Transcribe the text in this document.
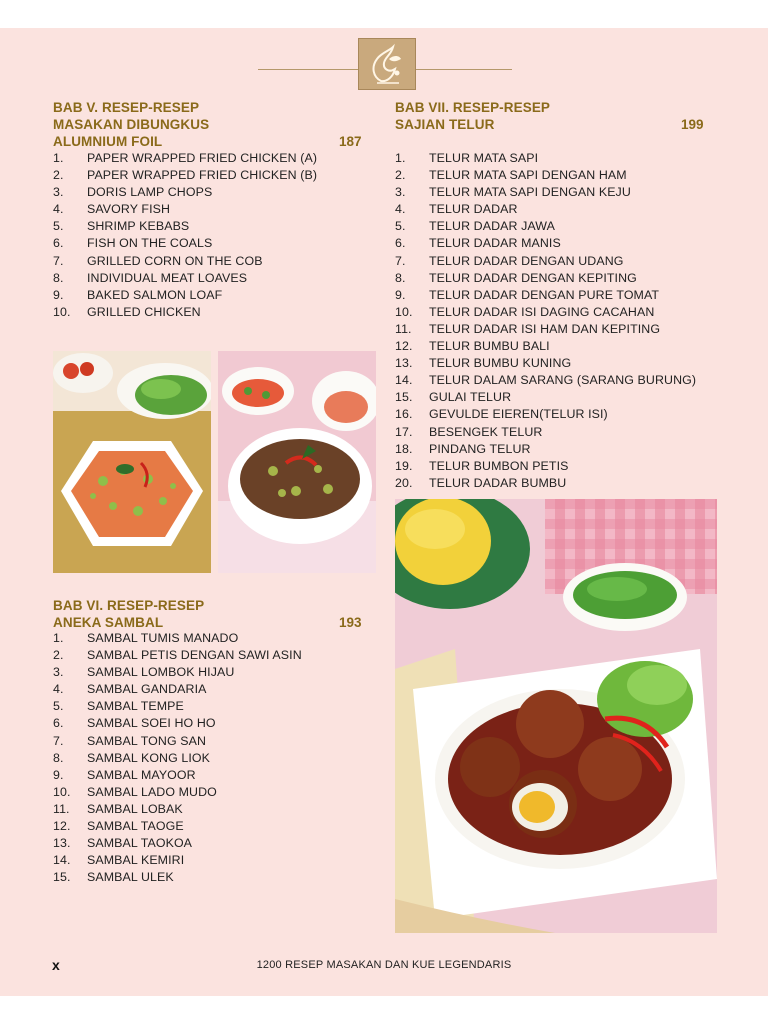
BAB V. RESEP-RESEP
MASAKAN DIBUNGKUS
ALUMNIUM FOIL	187
1.	PAPER WRAPPED FRIED CHICKEN (A)
2.	PAPER WRAPPED FRIED CHICKEN (B)
3.	DORIS LAMP CHOPS
4.	SAVORY FISH
5.	SHRIMP KEBABS
6.	FISH ON THE COALS
7.	GRILLED CORN ON THE COB
8.	INDIVIDUAL MEAT LOAVES
9.	BAKED SALMON LOAF
10.	GRILLED CHICKEN
BAB VI. RESEP-RESEP
ANEKA SAMBAL	193
1.	SAMBAL TUMIS MANADO
2.	SAMBAL PETIS DENGAN SAWI ASIN
3.	SAMBAL LOMBOK HIJAU
4.	SAMBAL GANDARIA
5.	SAMBAL TEMPE
6.	SAMBAL SOEI HO HO
7.	SAMBAL TONG SAN
8.	SAMBAL KONG LIOK
9.	SAMBAL MAYOOR
10.	SAMBAL LADO MUDO
11.	SAMBAL LOBAK
12.	SAMBAL TAOGE
13.	SAMBAL TAOKOA
14.	SAMBAL KEMIRI
15.	SAMBAL ULEK
BAB VII. RESEP-RESEP
SAJIAN TELUR	199
1.	TELUR MATA SAPI
2.	TELUR MATA SAPI DENGAN HAM
3.	TELUR MATA SAPI DENGAN KEJU
4.	TELUR DADAR
5.	TELUR DADAR JAWA
6.	TELUR DADAR MANIS
7.	TELUR DADAR DENGAN UDANG
8.	TELUR DADAR DENGAN KEPITING
9.	TELUR DADAR DENGAN PURE TOMAT
10.	TELUR DADAR ISI DAGING CACAHAN
11.	TELUR DADAR ISI HAM DAN KEPITING
12.	TELUR BUMBU BALI
13.	TELUR BUMBU KUNING
14.	TELUR DALAM SARANG (SARANG BURUNG)
15.	GULAI TELUR
16.	GEVULDE EIEREN(TELUR ISI)
17.	BESENGEK TELUR
18.	PINDANG TELUR
19.	TELUR BUMBON PETIS
20.	TELUR DADAR BUMBU
x	1200 RESEP MASAKAN DAN KUE LEGENDARIS
